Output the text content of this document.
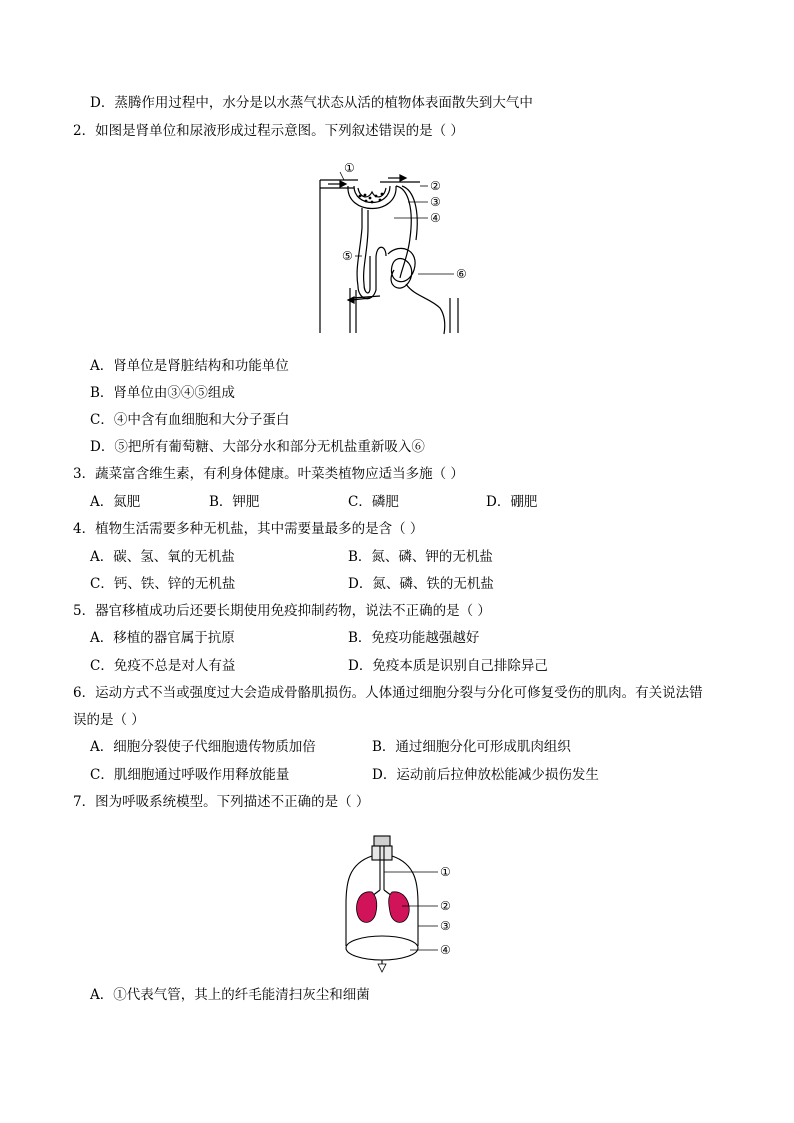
D．蒸腾作用过程中，水分是以水蒸气状态从活的植物体表面散失到大气中
2．如图是肾单位和尿液形成过程示意图。下列叙述错误的是（ ）
①
②
③
④
⑤
⑥
A．肾单位是肾脏结构和功能单位
B．肾单位由③④⑤组成
C．④中含有血细胞和大分子蛋白
D．⑤把所有葡萄糖、大部分水和部分无机盐重新吸入⑥
3．蔬菜富含维生素，有利身体健康。叶菜类植物应适当多施（ ）
A．氮肥	B．钾肥	C．磷肥	D．硼肥
4．植物生活需要多种无机盐，其中需要量最多的是含（ ）
A．碳、氢、氧的无机盐	B．氮、磷、钾的无机盐
C．钙、铁、锌的无机盐	D．氮、磷、铁的无机盐
5．器官移植成功后还要长期使用免疫抑制药物，说法不正确的是（ ）
A．移植的器官属于抗原	B．免疫功能越强越好
C．免疫不总是对人有益	D．免疫本质是识别自己排除异己
6．运动方式不当或强度过大会造成骨骼肌损伤。人体通过细胞分裂与分化可修复受伤的肌肉。有关说法错
误的是（ ）
A．细胞分裂使子代细胞遗传物质加倍	B．通过细胞分化可形成肌肉组织
C．肌细胞通过呼吸作用释放能量	D．运动前后拉伸放松能减少损伤发生
7．图为呼吸系统模型。下列描述不正确的是（ ）
①
②
③
④
A．①代表气管，其上的纤毛能清扫灰尘和细菌
